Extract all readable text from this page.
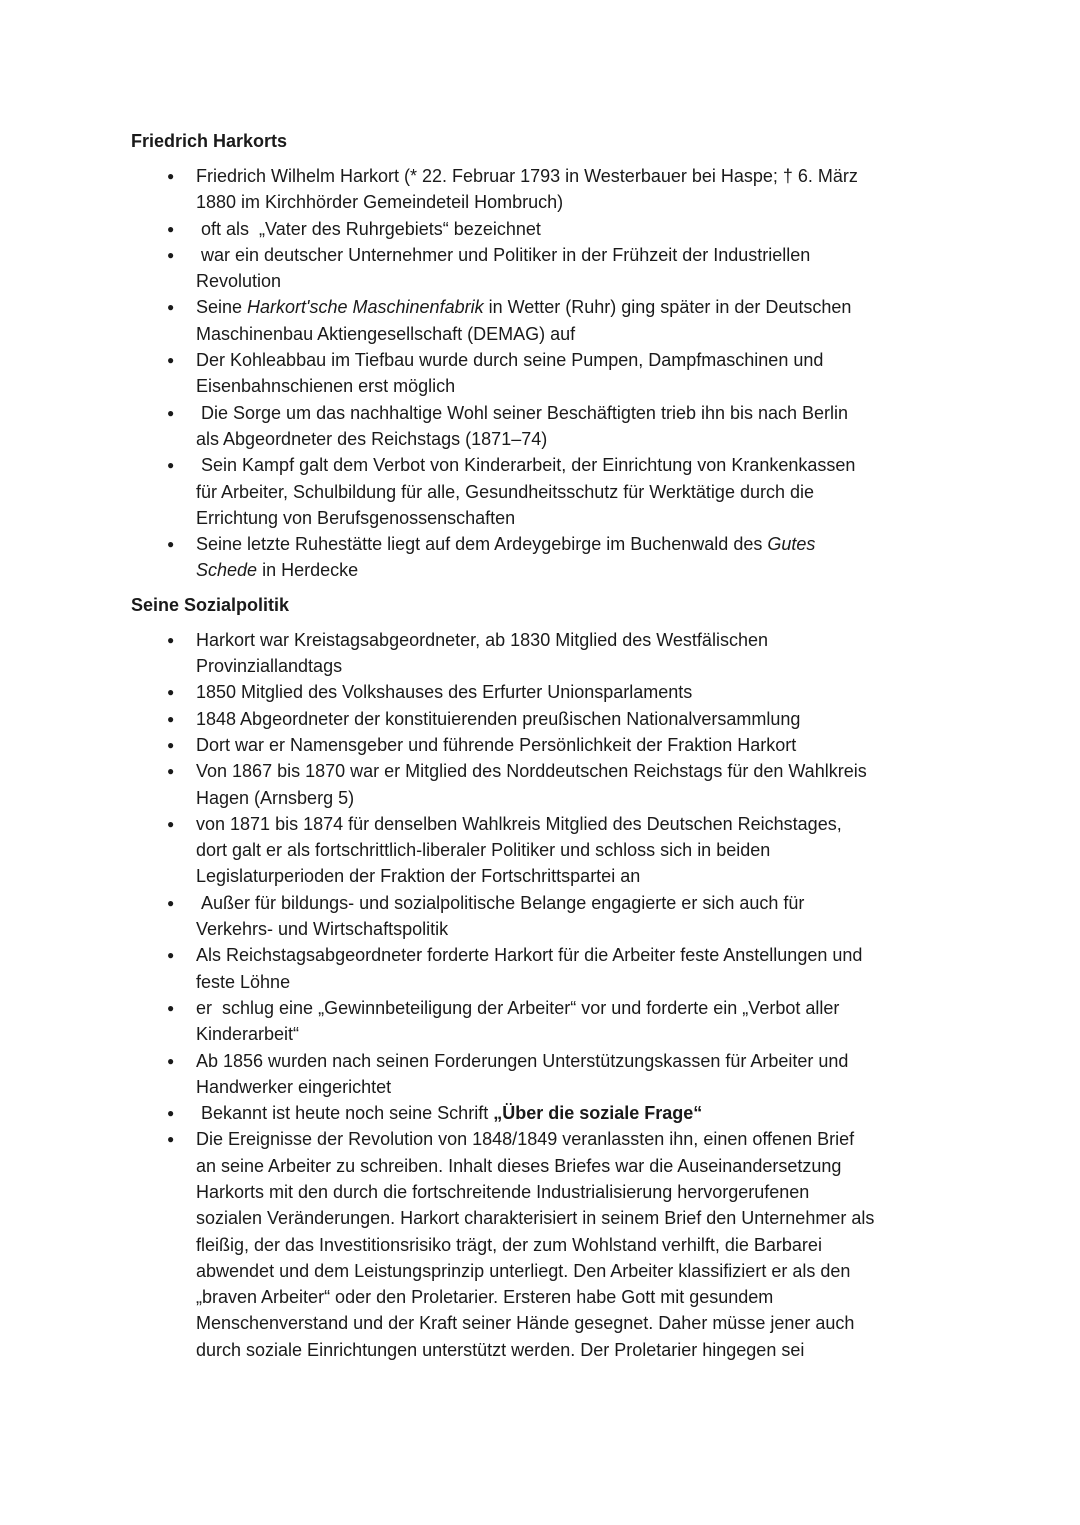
Friedrich Harkorts
● Friedrich Wilhelm Harkort (* 22. Februar 1793 in Westerbauer bei Haspe; † 6. März
1880 im Kirchhörder Gemeindeteil Hombruch)
● oft als  „Vater des Ruhrgebiets“ bezeichnet
● war ein deutscher Unternehmer und Politiker in der Frühzeit der Industriellen
Revolution
● Seine Harkort'sche Maschinenfabrik in Wetter (Ruhr) ging später in der Deutschen
Maschinenbau Aktiengesellschaft (DEMAG) auf
● Der Kohleabbau im Tiefbau wurde durch seine Pumpen, Dampfmaschinen und
Eisenbahnschienen erst möglich
● Die Sorge um das nachhaltige Wohl seiner Beschäftigten trieb ihn bis nach Berlin
als Abgeordneter des Reichstags (1871–74)
● Sein Kampf galt dem Verbot von Kinderarbeit, der Einrichtung von Krankenkassen
für Arbeiter, Schulbildung für alle, Gesundheitsschutz für Werktätige durch die
Errichtung von Berufsgenossenschaften
● Seine letzte Ruhestätte liegt auf dem Ardeygebirge im Buchenwald des Gutes
Schede in Herdecke
Seine Sozialpolitik
● Harkort war Kreistagsabgeordneter, ab 1830 Mitglied des Westfälischen
Provinziallandtags
● 1850 Mitglied des Volkshauses des Erfurter Unionsparlaments
● 1848 Abgeordneter der konstituierenden preußischen Nationalversammlung
● Dort war er Namensgeber und führende Persönlichkeit der Fraktion Harkort
● Von 1867 bis 1870 war er Mitglied des Norddeutschen Reichstags für den Wahlkreis
Hagen (Arnsberg 5)
● von 1871 bis 1874 für denselben Wahlkreis Mitglied des Deutschen Reichstages,
dort galt er als fortschrittlich-liberaler Politiker und schloss sich in beiden
Legislaturperioden der Fraktion der Fortschrittspartei an
● Außer für bildungs- und sozialpolitische Belange engagierte er sich auch für
Verkehrs- und Wirtschaftspolitik
● Als Reichstagsabgeordneter forderte Harkort für die Arbeiter feste Anstellungen und
feste Löhne
● er  schlug eine „Gewinnbeteiligung der Arbeiter“ vor und forderte ein „Verbot aller
Kinderarbeit“
● Ab 1856 wurden nach seinen Forderungen Unterstützungskassen für Arbeiter und
Handwerker eingerichtet
● Bekannt ist heute noch seine Schrift „Über die soziale Frage“
● Die Ereignisse der Revolution von 1848/1849 veranlassten ihn, einen offenen Brief
an seine Arbeiter zu schreiben. Inhalt dieses Briefes war die Auseinandersetzung
Harkorts mit den durch die fortschreitende Industrialisierung hervorgerufenen
sozialen Veränderungen. Harkort charakterisiert in seinem Brief den Unternehmer als
fleißig, der das Investitionsrisiko trägt, der zum Wohlstand verhilft, die Barbarei
abwendet und dem Leistungsprinzip unterliegt. Den Arbeiter klassifiziert er als den
„braven Arbeiter“ oder den Proletarier. Ersteren habe Gott mit gesundem
Menschenverstand und der Kraft seiner Hände gesegnet. Daher müsse jener auch
durch soziale Einrichtungen unterstützt werden. Der Proletarier hingegen sei
